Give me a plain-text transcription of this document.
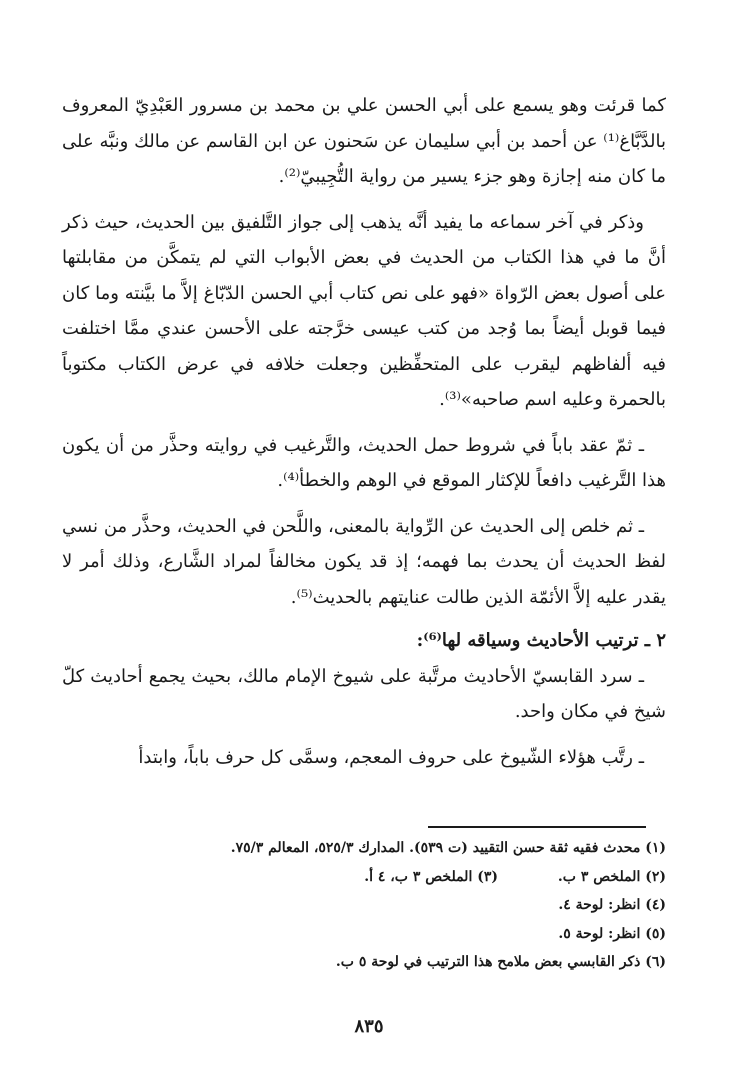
كما قرئت وهو يسمع على أبي الحسن علي بن محمد بن مسرور العَبْدِيّ المعروف بالدَّبَّاغ⁽¹⁾ عن أحمد بن أبي سليمان عن سَحنون عن ابن القاسم عن مالك ونبَّه على ما كان منه إجازة وهو جزء يسير من رواية التُّجِيبيّ⁽²⁾.

وذكر في آخر سماعه ما يفيد أنَّه يذهب إلى جواز التَّلفيق بين الحديث، حيث ذكر أنَّ ما في هذا الكتاب من الحديث في بعض الأبواب التي لم يتمكَّن من مقابلتها على أصول بعض الرّواة «فهو على نص كتاب أبي الحسن الدّبّاغ إلاَّ ما بيَّنته وما كان فيما قوبل أيضاً بما وُجد من كتب عيسى خرَّجته على الأحسن عندي ممَّا اختلفت فيه ألفاظهم ليقرب على المتحفِّظين وجعلت خلافه في عرض الكتاب مكتوباً بالحمرة وعليه اسم صاحبه»⁽³⁾.

ـ ثمّ عقد باباً في شروط حمل الحديث، والتَّرغيب في روايته وحذَّر من أن يكون هذا التَّرغيب دافعاً للإكثار الموقع في الوهم والخطأ⁽⁴⁾.

ـ ثم خلص إلى الحديث عن الرِّواية بالمعنى، واللَّحن في الحديث، وحذَّر من نسي لفظ الحديث أن يحدث بما فهمه؛ إذ قد يكون مخالفاً لمراد الشَّارع، وذلك أمر لا يقدر عليه إلاَّ الأئمّة الذين طالت عنايتهم بالحديث⁽⁵⁾.

٢ ـ ترتيب الأحاديث وسياقه لها⁽⁶⁾:

ـ سرد القابسيّ الأحاديث مرتَّبة على شيوخ الإمام مالك، بحيث يجمع أحاديث كلّ شيخ في مكان واحد.

ـ رتَّب هؤلاء الشّيوخ على حروف المعجم، وسمَّى كل حرف باباً، وابتدأ

(١) محدث فقيه ثقة حسن التقييد (ت ٥٣٩). المدارك ٥٢٥/٣، المعالم ٧٥/٣.
(٢) الملخص ٣ ب.
(٣) الملخص ٣ ب، ٤ أ.
(٤) انظر: لوحة ٤.
(٥) انظر: لوحة ٥.
(٦) ذكر القابسي بعض ملامح هذا الترتيب في لوحة ٥ ب.
٨٣٥
